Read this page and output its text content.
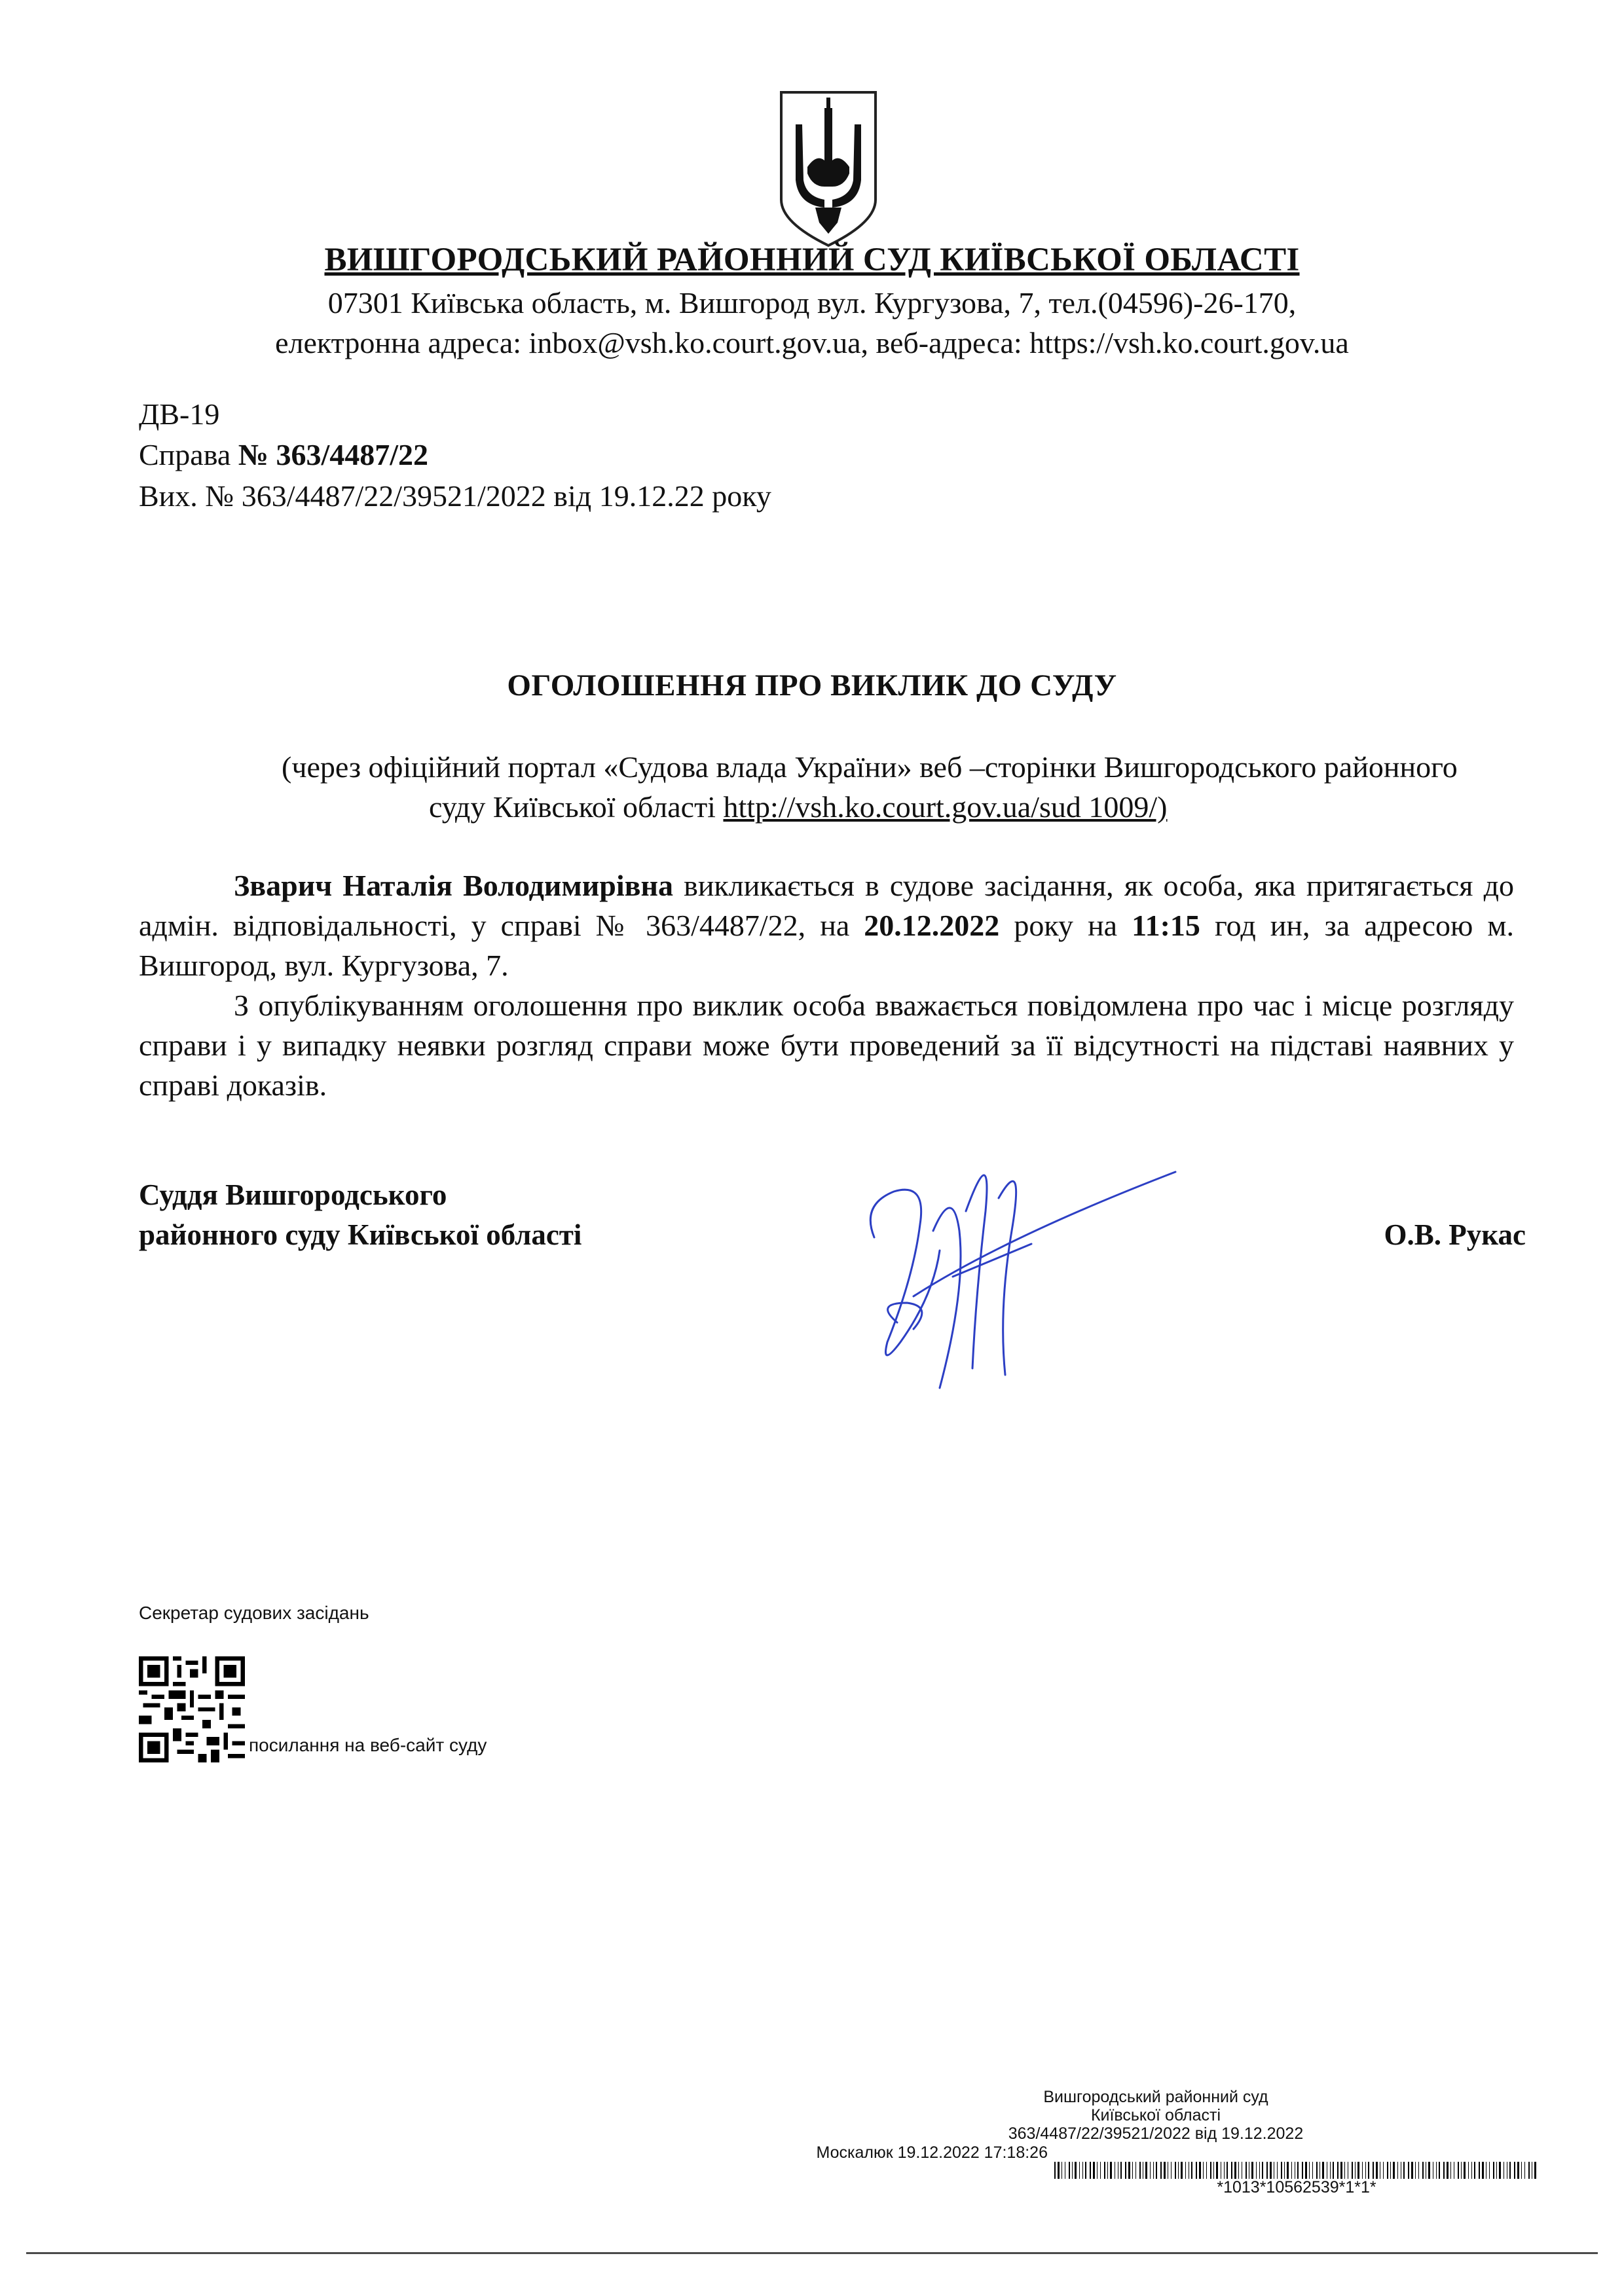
ВИШГОРОДСЬКИЙ РАЙОННИЙ СУД КИЇВСЬКОЇ ОБЛАСТІ
07301 Київська область, м. Вишгород вул. Кургузова, 7, тел.(04596)-26-170,
електронна адреса: inbox@vsh.ko.court.gov.ua, веб-адреса: https://vsh.ko.court.gov.ua
ДВ-19
Справа № 363/4487/22
Вих. № 363/4487/22/39521/2022 від 19.12.22 року
ОГОЛОШЕННЯ ПРО ВИКЛИК ДО СУДУ
(через офіційний портал «Судова влада України» веб –сторінки Вишгородського районного
суду Київської області http://vsh.ko.court.gov.ua/sud 1009/)

Зварич Наталія Володимирівна викликається в судове засідання, як особа, яка притягається до адмін. відповідальності, у справі № 363/4487/22, на 20.12.2022 року на 11:15 год ин, за адресою м. Вишгород, вул. Кургузова, 7.

З опублікуванням оголошення про виклик особа вважається повідомлена про час і місце розгляду справи і у випадку неявки розгляд справи може бути проведений за її відсутності на підставі наявних у справі доказів.

Суддя Вишгородського
районного суду Київської області	О.В. Рукас
Секретар судових засідань
посилання на веб-сайт суду
Вишгородський районний суд
Київської області
363/4487/22/39521/2022 від 19.12.2022
Москалюк 19.12.2022 17:18:26
*1013*10562539*1*1*
